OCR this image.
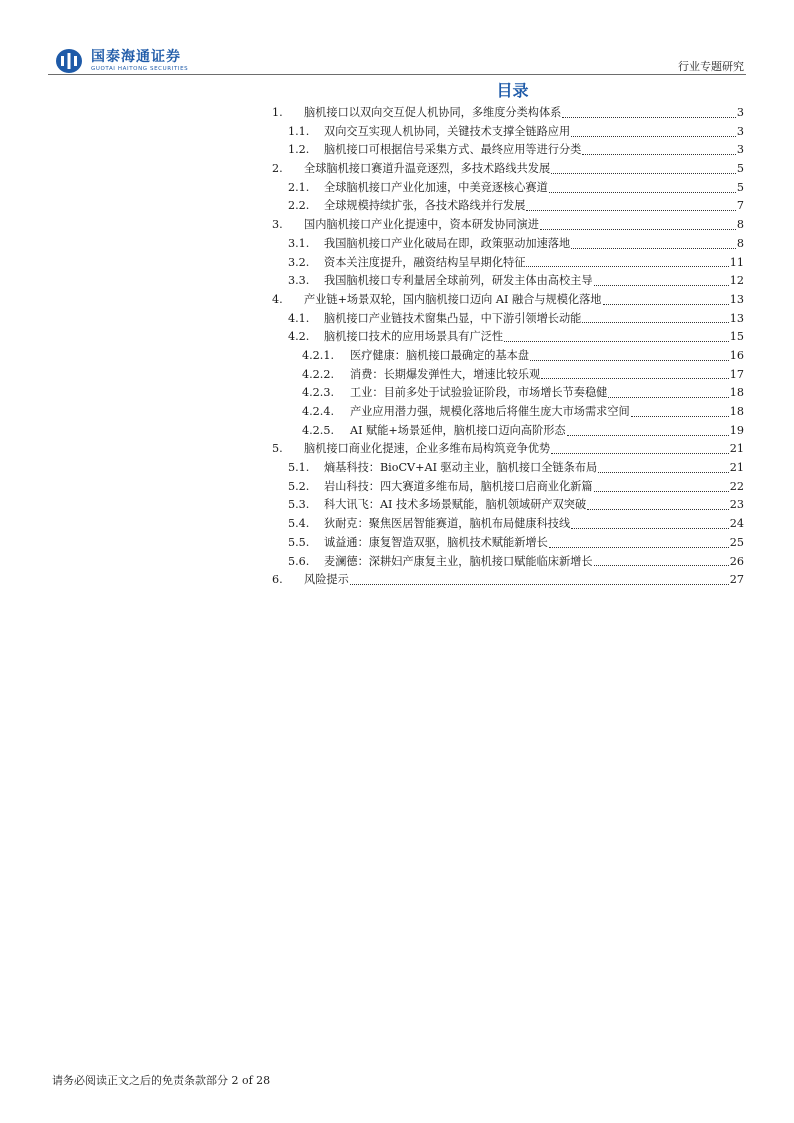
国泰海通证券
GUOTAI HAITONG SECURITIES	行业专题研究
目录
1.	脑机接口以双向交互促人机协同，多维度分类构体系	3
1.1.	双向交互实现人机协同，关键技术支撑全链路应用	3
1.2.	脑机接口可根据信号采集方式、最终应用等进行分类	3
2.	全球脑机接口赛道升温竞逐烈，多技术路线共发展	5
2.1.	全球脑机接口产业化加速，中美竞逐核心赛道	5
2.2.	全球规模持续扩张，各技术路线并行发展	7
3.	国内脑机接口产业化提速中，资本研发协同演进	8
3.1.	我国脑机接口产业化破局在即，政策驱动加速落地	8
3.2.	资本关注度提升，融资结构呈早期化特征	11
3.3.	我国脑机接口专利量居全球前列，研发主体由高校主导	12
4.	产业链+场景双轮，国内脑机接口迈向 AI 融合与规模化落地	13
4.1.	脑机接口产业链技术窗集凸显，中下游引领增长动能	13
4.2.	脑机接口技术的应用场景具有广泛性	15
4.2.1.	医疗健康：脑机接口最确定的基本盘	16
4.2.2.	消费：长期爆发弹性大，增速比较乐观	17
4.2.3.	工业：目前多处于试验验证阶段，市场增长节奏稳健	18
4.2.4.	产业应用潜力强，规模化落地后将催生庞大市场需求空间	18
4.2.5.	AI 赋能+场景延伸，脑机接口迈向高阶形态	19
5.	脑机接口商业化提速，企业多维布局构筑竞争优势	21
5.1.	熵基科技：BioCV+AI 驱动主业，脑机接口全链条布局	21
5.2.	岩山科技：四大赛道多维布局，脑机接口启商业化新篇	22
5.3.	科大讯飞：AI 技术多场景赋能，脑机领域研产双突破	23
5.4.	狄耐克：聚焦医居智能赛道，脑机布局健康科技线	24
5.5.	诚益通：康复智造双驱，脑机技术赋能新增长	25
5.6.	麦澜德：深耕妇产康复主业，脑机接口赋能临床新增长	26
6.	风险提示	27
请务必阅读正文之后的免责条款部分 2 of 28
